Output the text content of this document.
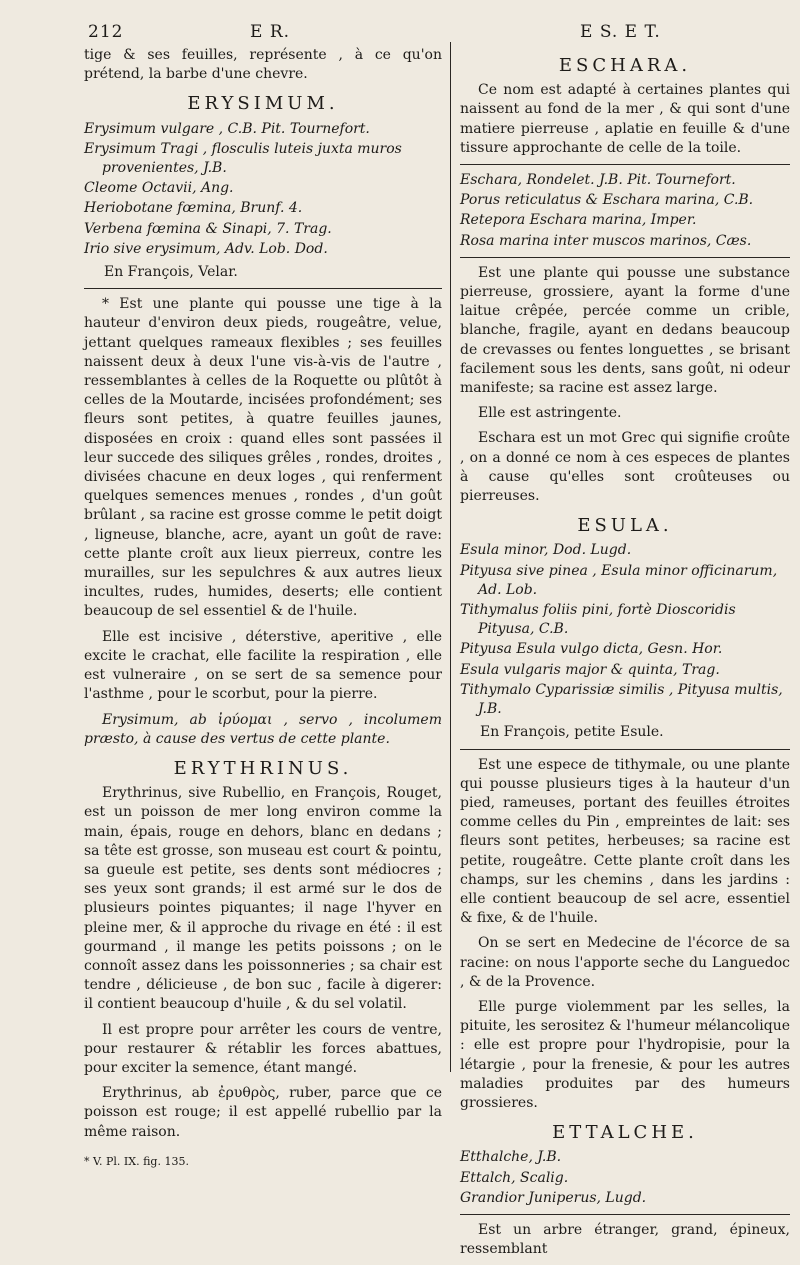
212	E R.	E S. E T.

tige & ses feuilles, représente , à ce qu'on prétend, la barbe d'une chevre.

ERYSIMUM.
Erysimum vulgare , C.B. Pit. Tournefort.
Erysimum Tragi , flosculis luteis juxta muros provenientes, J.B.
Cleome Octavii, Ang.
Heriobotane fœmina, Brunf. 4.
Verbena fœmina & Sinapi, 7. Trag.
Irio sive erysimum, Adv. Lob. Dod.
En François, Velar.

* Est une plante qui pousse une tige à la hauteur d'environ deux pieds, rougeâtre, velue, jettant quelques rameaux flexibles ; ses feuilles naissent deux à deux l'une vis-à-vis de l'autre , ressemblantes à celles de la Roquette ou plûtôt à celles de la Moutarde, incisées profondément; ses fleurs sont petites, à quatre feuilles jaunes, disposées en croix : quand elles sont passées il leur succede des siliques grêles , rondes, droites , divisées chacune en deux loges , qui renferment quelques semences menues , rondes , d'un goût brûlant , sa racine est grosse comme le petit doigt , ligneuse, blanche, acre, ayant un goût de rave: cette plante croît aux lieux pierreux, contre les murailles, sur les sepulchres & aux autres lieux incultes, rudes, humides, deserts; elle contient beaucoup de sel essentiel & de l'huile.

Elle est incisive , déterstive, aperitive , elle excite le crachat, elle facilite la respiration , elle est vulneraire , on se sert de sa semence pour l'asthme , pour le scorbut, pour la pierre.

Erysimum, ab ἰρύομαι , servo , incolumem præsto, à cause des vertus de cette plante.

ERYTHRINUS.

Erythrinus, sive Rubellio, en François, Rouget, est un poisson de mer long environ comme la main, épais, rouge en dehors, blanc en dedans ; sa tête est grosse, son museau est court & pointu, sa gueule est petite, ses dents sont médiocres ; ses yeux sont grands; il est armé sur le dos de plusieurs pointes piquantes; il nage l'hyver en pleine mer, & il approche du rivage en été : il est gourmand , il mange les petits poissons ; on le connoît assez dans les poissonneries ; sa chair est tendre , délicieuse , de bon suc , facile à digerer: il contient beaucoup d'huile , & du sel volatil.

Il est propre pour arrêter les cours de ventre, pour restaurer & rétablir les forces abattues, pour exciter la semence, étant mangé.

Erythrinus, ab ἐρυθρὸς, ruber, parce que ce poisson est rouge; il est appellé rubellio par la même raison.

* V. Pl. IX. fig. 135.
ESCHARA.

Ce nom est adapté à certaines plantes qui naissent au fond de la mer , & qui sont d'une matiere pierreuse , aplatie en feuille & d'une tissure approchante de celle de la toile.

Eschara, Rondelet. J.B. Pit. Tournefort.
Porus reticulatus & Eschara marina, C.B.
Retepora Eschara marina, Imper.
Rosa marina inter muscos marinos, Cæs.

Est une plante qui pousse une substance pierreuse, grossiere, ayant la forme d'une laitue crêpée, percée comme un crible, blanche, fragile, ayant en dedans beaucoup de crevasses ou fentes longuettes , se brisant facilement sous les dents, sans goût, ni odeur manifeste; sa racine est assez large.

Elle est astringente.

Eschara est un mot Grec qui signifie croûte , on a donné ce nom à ces especes de plantes à cause qu'elles sont croûteuses ou pierreuses.

ESULA.
Esula minor, Dod. Lugd.
Pityusa sive pinea , Esula minor officinarum, Ad. Lob.
Tithymalus foliis pini, fortè Dioscoridis Pityusa, C.B.
Pityusa Esula vulgo dicta, Gesn. Hor.
Esula vulgaris major & quinta, Trag.
Tithymalo Cyparissiæ similis , Pityusa multis, J.B.
En François, petite Esule.

Est une espece de tithymale, ou une plante qui pousse plusieurs tiges à la hauteur d'un pied, rameuses, portant des feuilles étroites comme celles du Pin , empreintes de lait: ses fleurs sont petites, herbeuses; sa racine est petite, rougeâtre. Cette plante croît dans les champs, sur les chemins , dans les jardins : elle contient beaucoup de sel acre, essentiel & fixe, & de l'huile.

On se sert en Medecine de l'écorce de sa racine: on nous l'apporte seche du Languedoc , & de la Provence.

Elle purge violemment par les selles, la pituite, les serositez & l'humeur mélancolique : elle est propre pour l'hydropisie, pour la létargie , pour la frenesie, & pour les autres maladies produites par des humeurs grossieres.

ETTALCHE.
Etthalche, J.B.
Ettalch, Scalig.
Grandior Juniperus, Lugd.

Est un arbre étranger, grand, épineux, ressemblant
